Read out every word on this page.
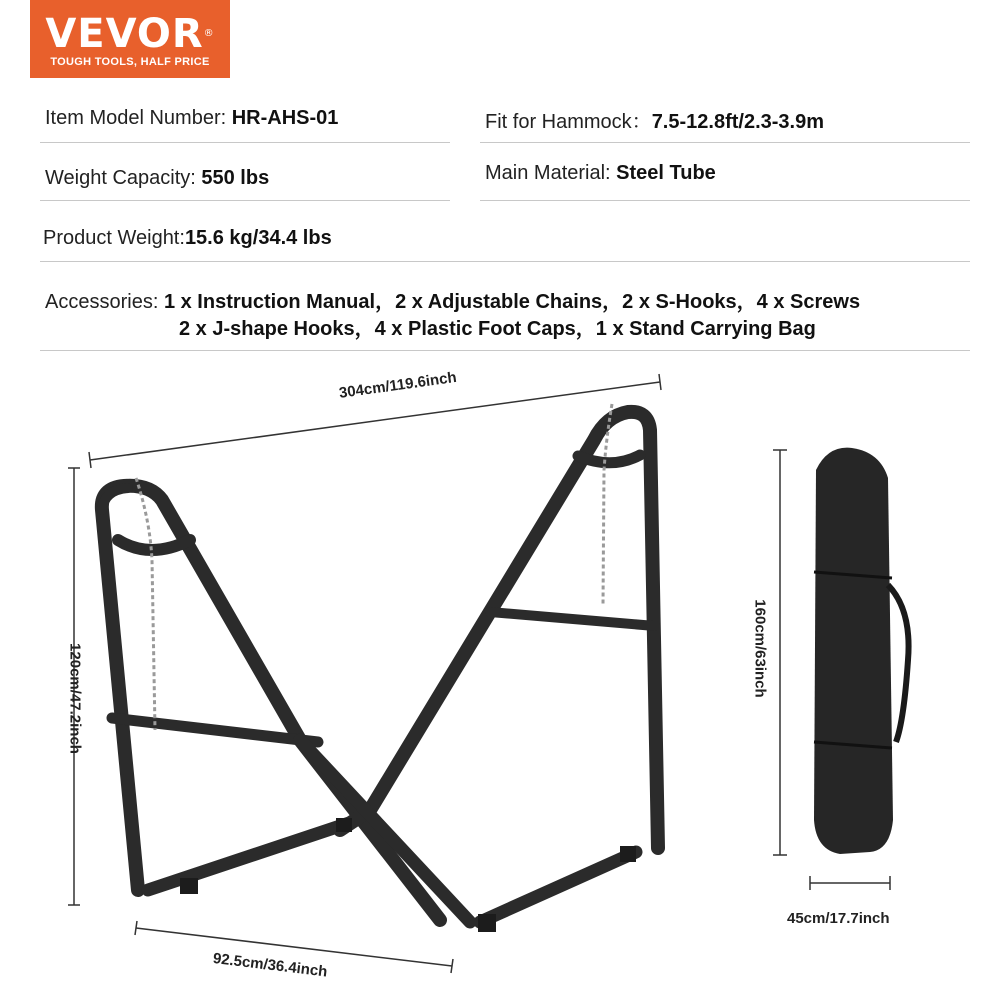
VEVOR®
TOUGH TOOLS, HALF PRICE
Item Model Number: HR-AHS-01	Fit for Hammock：7.5-12.8ft/2.3-3.9m
Weight Capacity: 550 lbs	Main Material: Steel Tube
Product Weight:15.6 kg/34.4 lbs
Accessories: 1 x Instruction Manual，2 x Adjustable Chains，2 x S-Hooks，4 x Screws
2 x J-shape Hooks，4 x Plastic Foot Caps，1 x Stand Carrying Bag
304cm/119.6inch
120cm/47.2inch
92.5cm/36.4inch
160cm/63inch
45cm/17.7inch
